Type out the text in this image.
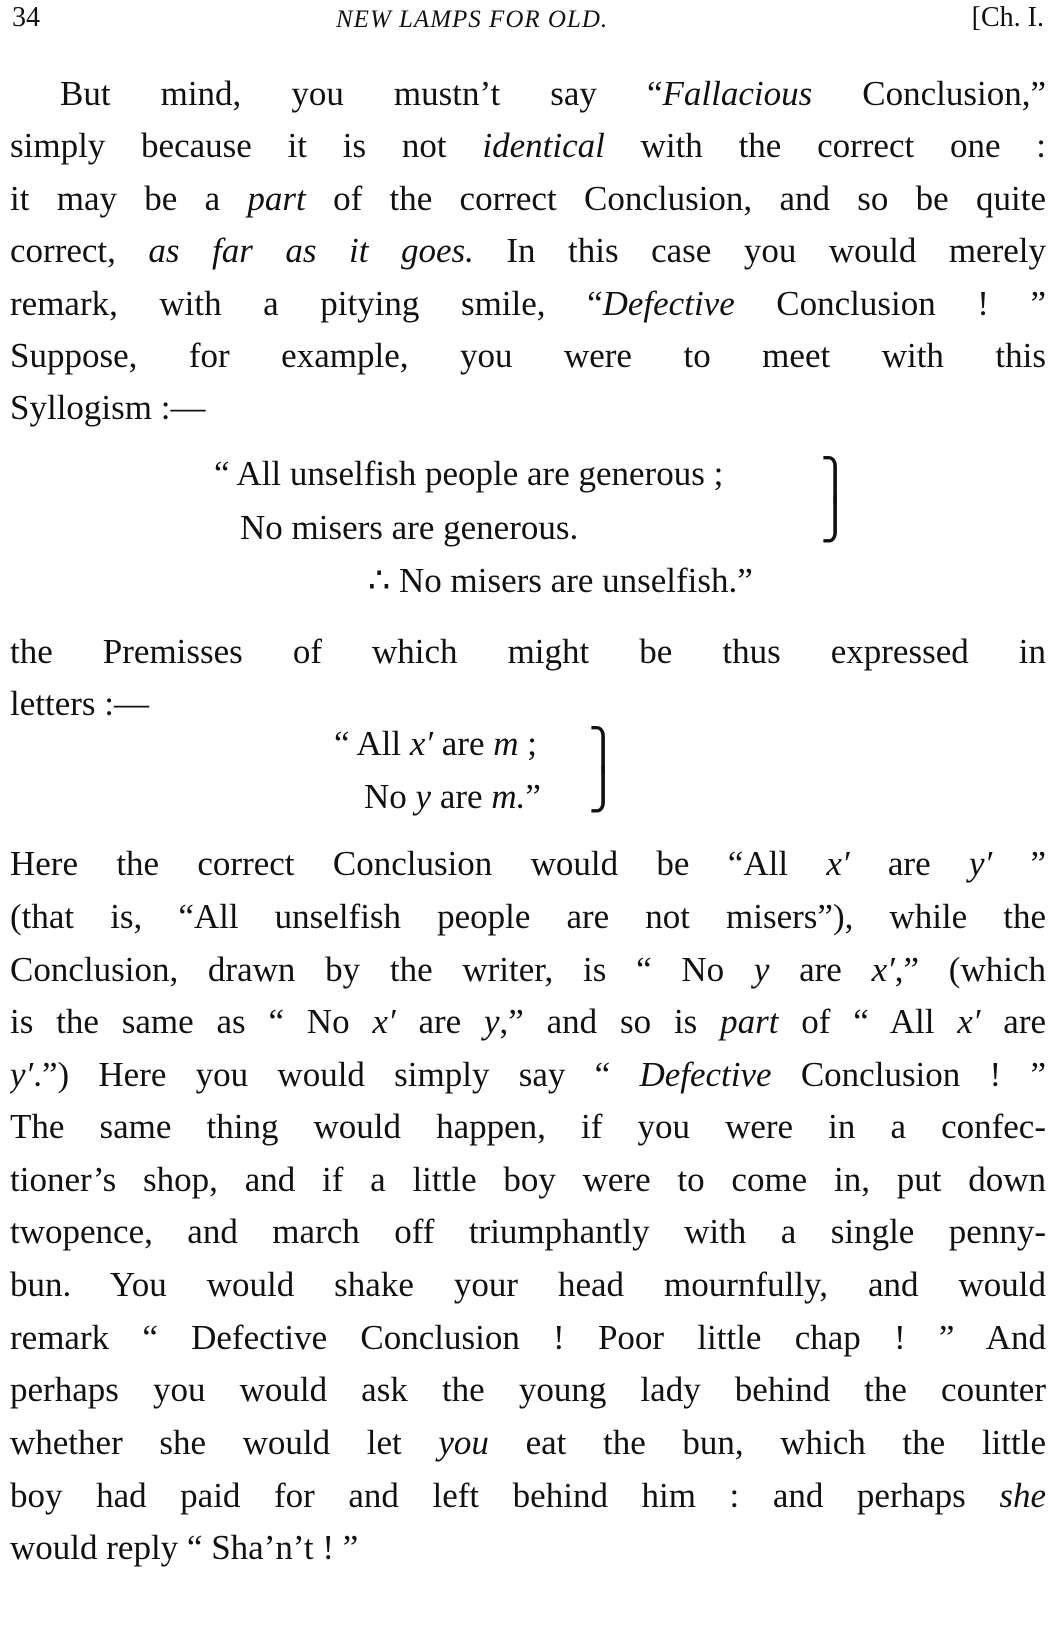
34	NEW LAMPS FOR OLD.	[Ch. I.
But mind, you mustn’t say “Fallacious Conclusion,”
simply because it is not identical with the correct one :
it may be a part of the correct Conclusion, and so be quite
correct, as far as it goes. In this case you would merely
remark, with a pitying smile, “Defective Conclusion ! ”
Suppose, for example, you were to meet with this
Syllogism :—
“ All unselfish people are generous ; ⎫
No misers are generous.	⎭
∴ No misers are unselfish.”
the Premisses of which might be thus expressed in
letters :—
“ All x′ are m ; ⎫
No y are m.” ⎭
Here the correct Conclusion would be “All x′ are y′ ”
(that is, “All unselfish people are not misers”), while the
Conclusion, drawn by the writer, is “ No y are x′,” (which
is the same as “ No x′ are y,” and so is part of “ All x′ are
y′.”) Here you would simply say “ Defective Conclusion ! ”
The same thing would happen, if you were in a confec-
tioner’s shop, and if a little boy were to come in, put down
twopence, and march off triumphantly with a single penny-
bun. You would shake your head mournfully, and would
remark “ Defective Conclusion ! Poor little chap ! ” And
perhaps you would ask the young lady behind the counter
whether she would let you eat the bun, which the little
boy had paid for and left behind him : and perhaps she
would reply “ Sha’n’t ! ”
